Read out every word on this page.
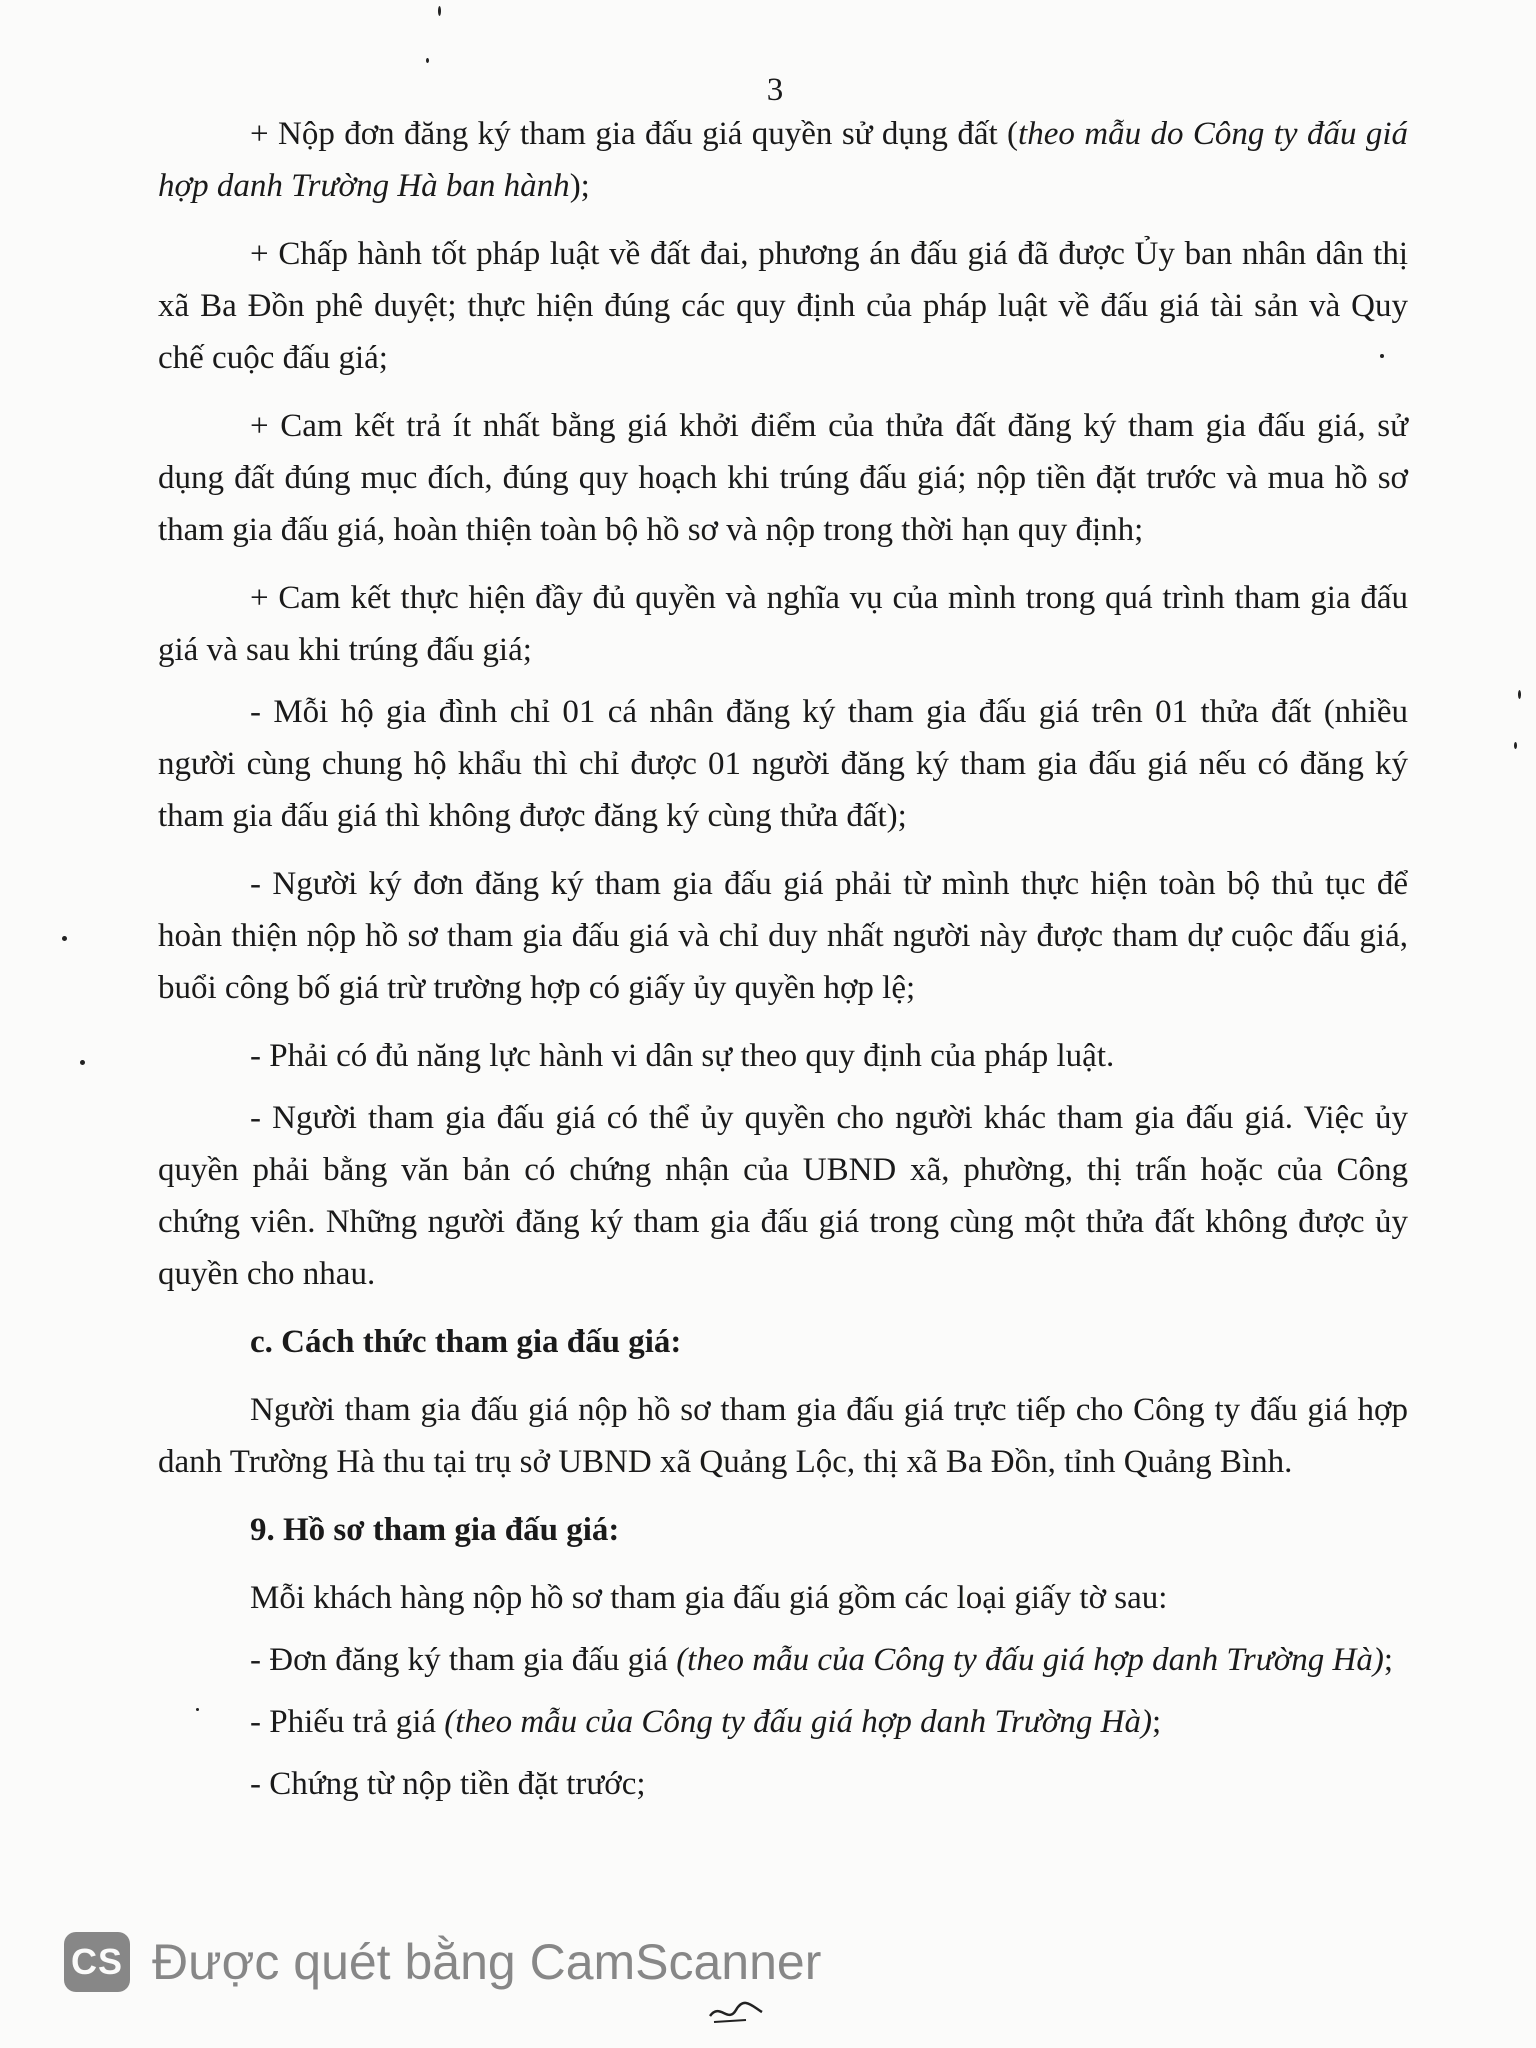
3

+ Nộp đơn đăng ký tham gia đấu giá quyền sử dụng đất (theo mẫu do Công ty đấu giá hợp danh Trường Hà ban hành);

+ Chấp hành tốt pháp luật về đất đai, phương án đấu giá đã được Ủy ban nhân dân thị xã Ba Đồn phê duyệt; thực hiện đúng các quy định của pháp luật về đấu giá tài sản và Quy chế cuộc đấu giá;

+ Cam kết trả ít nhất bằng giá khởi điểm của thửa đất đăng ký tham gia đấu giá, sử dụng đất đúng mục đích, đúng quy hoạch khi trúng đấu giá; nộp tiền đặt trước và mua hồ sơ tham gia đấu giá, hoàn thiện toàn bộ hồ sơ và nộp trong thời hạn quy định;

+ Cam kết thực hiện đầy đủ quyền và nghĩa vụ của mình trong quá trình tham gia đấu giá và sau khi trúng đấu giá;

- Mỗi hộ gia đình chỉ 01 cá nhân đăng ký tham gia đấu giá trên 01 thửa đất (nhiều người cùng chung hộ khẩu thì chỉ được 01 người đăng ký tham gia đấu giá nếu có đăng ký tham gia đấu giá thì không được đăng ký cùng thửa đất);

- Người ký đơn đăng ký tham gia đấu giá phải từ mình thực hiện toàn bộ thủ tục để hoàn thiện nộp hồ sơ tham gia đấu giá và chỉ duy nhất người này được tham dự cuộc đấu giá, buổi công bố giá trừ trường hợp có giấy ủy quyền hợp lệ;

- Phải có đủ năng lực hành vi dân sự theo quy định của pháp luật.

- Người tham gia đấu giá có thể ủy quyền cho người khác tham gia đấu giá. Việc ủy quyền phải bằng văn bản có chứng nhận của UBND xã, phường, thị trấn hoặc của Công chứng viên. Những người đăng ký tham gia đấu giá trong cùng một thửa đất không được ủy quyền cho nhau.

c. Cách thức tham gia đấu giá:

Người tham gia đấu giá nộp hồ sơ tham gia đấu giá trực tiếp cho Công ty đấu giá hợp danh Trường Hà thu tại trụ sở UBND xã Quảng Lộc, thị xã Ba Đồn, tỉnh Quảng Bình.

9. Hồ sơ tham gia đấu giá:

Mỗi khách hàng nộp hồ sơ tham gia đấu giá gồm các loại giấy tờ sau:

- Đơn đăng ký tham gia đấu giá (theo mẫu của Công ty đấu giá hợp danh Trường Hà);

- Phiếu trả giá (theo mẫu của Công ty đấu giá hợp danh Trường Hà);

- Chứng từ nộp tiền đặt trước;

CS Được quét bằng CamScanner
